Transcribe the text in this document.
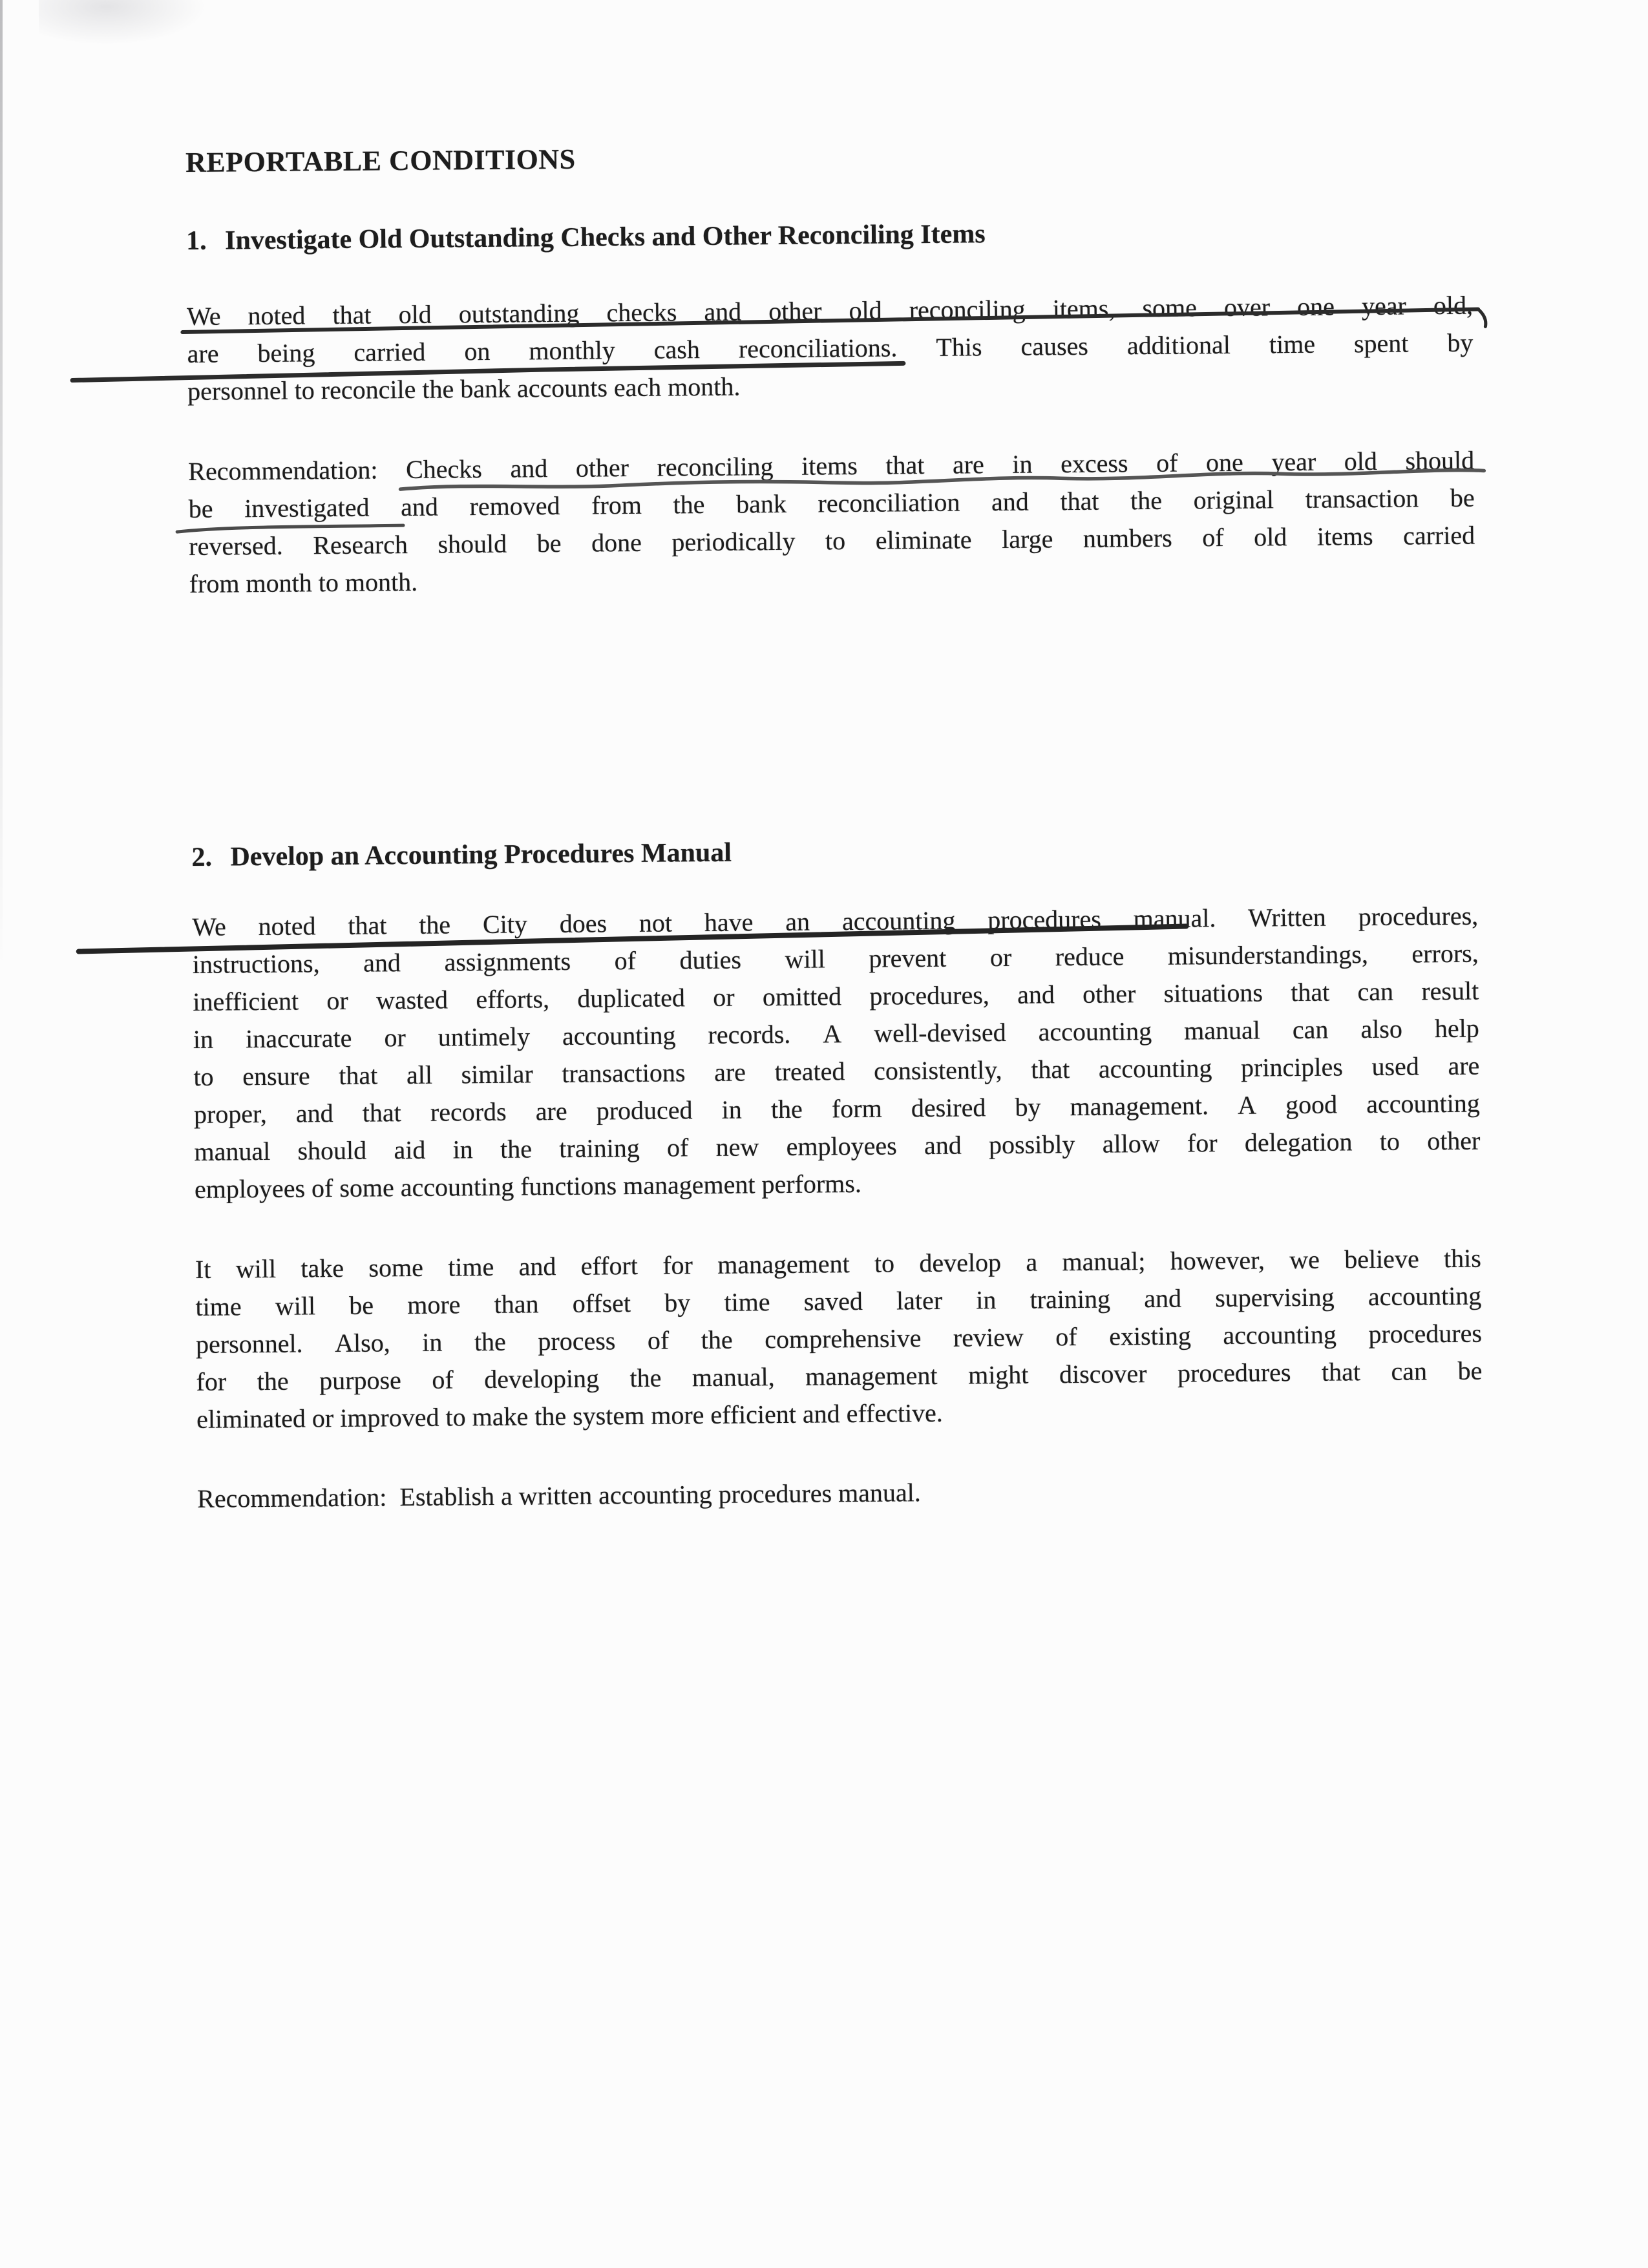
REPORTABLE CONDITIONS
1. Investigate Old Outstanding Checks and Other Reconciling Items
We noted that old outstanding checks and other old reconciling items, some over one year old,
are being carried on monthly cash reconciliations. This causes additional time spent by
personnel to reconcile the bank accounts each month.
Recommendation: Checks and other reconciling items that are in excess of one year old should
be investigated and removed from the bank reconciliation and that the original transaction be
reversed. Research should be done periodically to eliminate large numbers of old items carried
from month to month.
2. Develop an Accounting Procedures Manual
We noted that the City does not have an accounting procedures manual. Written procedures,
instructions, and assignments of duties will prevent or reduce misunderstandings, errors,
inefficient or wasted efforts, duplicated or omitted procedures, and other situations that can result
in inaccurate or untimely accounting records. A well-devised accounting manual can also help
to ensure that all similar transactions are treated consistently, that accounting principles used are
proper, and that records are produced in the form desired by management. A good accounting
manual should aid in the training of new employees and possibly allow for delegation to other
employees of some accounting functions management performs.
It will take some time and effort for management to develop a manual; however, we believe this
time will be more than offset by time saved later in training and supervising accounting
personnel. Also, in the process of the comprehensive review of existing accounting procedures
for the purpose of developing the manual, management might discover procedures that can be
eliminated or improved to make the system more efficient and effective.
Recommendation:  Establish a written accounting procedures manual.
